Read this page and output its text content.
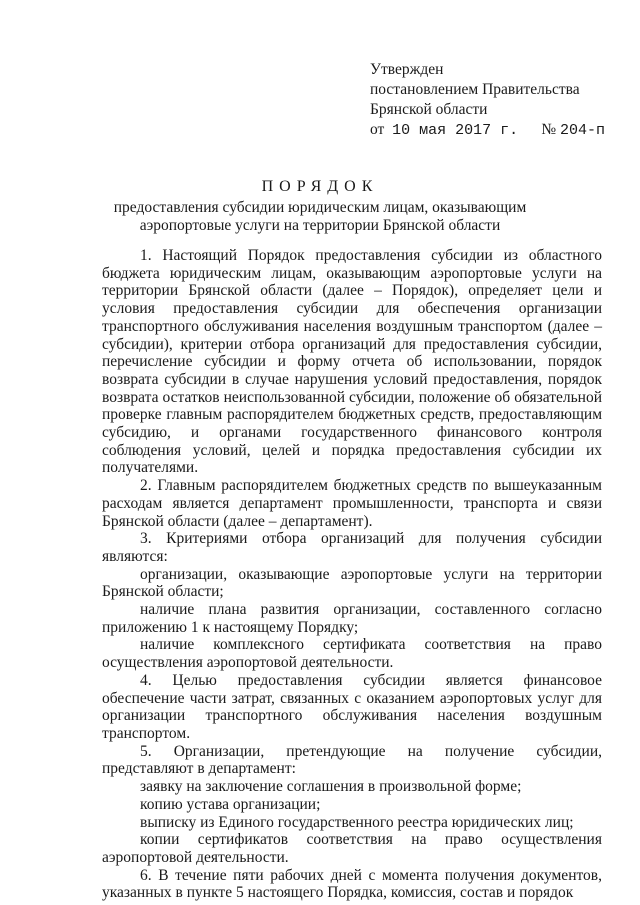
Утвержден
постановлением Правительства
Брянской области
от 10 мая 2017 г. № 204-п
ПОРЯДОК
предоставления субсидии юридическим лицам, оказывающим
аэропортовые услуги на территории Брянской области

1. Настоящий Порядок предоставления субсидии из областного бюджета юридическим лицам, оказывающим аэропортовые услуги на территории Брянской области (далее – Порядок), определяет цели и условия предоставления субсидии для обеспечения организации транспортного обслуживания населения воздушным транспортом (далее – субсидии), критерии отбора организаций для предоставления субсидии, перечисление субсидии и форму отчета об использовании, порядок возврата субсидии в случае нарушения условий предоставления, порядок возврата остатков неиспользованной субсидии, положение об обязательной проверке главным распорядителем бюджетных средств, предоставляющим субсидию, и органами государственного финансового контроля соблюдения условий, целей и порядка предоставления субсидии их получателями.

2. Главным распорядителем бюджетных средств по вышеуказанным расходам является департамент промышленности, транспорта и связи Брянской области (далее – департамент).

3. Критериями отбора организаций для получения субсидии являются:

организации, оказывающие аэропортовые услуги на территории Брянской области;

наличие плана развития организации, составленного согласно приложению 1 к настоящему Порядку;

наличие комплексного сертификата соответствия на право осуществления аэропортовой деятельности.

4. Целью предоставления субсидии является финансовое обеспечение части затрат, связанных с оказанием аэропортовых услуг для организации транспортного обслуживания населения воздушным транспортом.

5. Организации, претендующие на получение субсидии, представляют в департамент:

заявку на заключение соглашения в произвольной форме;

копию устава организации;

выписку из Единого государственного реестра юридических лиц;

копии сертификатов соответствия на право осуществления аэропортовой деятельности.

6. В течение пяти рабочих дней с момента получения документов, указанных в пункте 5 настоящего Порядка, комиссия, состав и порядок
